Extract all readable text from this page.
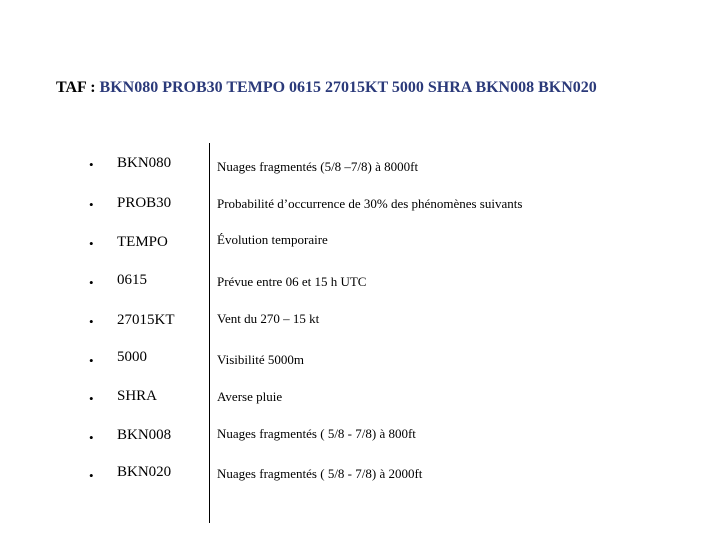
TAF : BKN080 PROB30 TEMPO 0615 27015KT 5000 SHRA BKN008 BKN020
• BKN080	Nuages fragmentés (5/8 –7/8) à 8000ft
• PROB30	Probabilité d’occurrence de 30% des phénomènes suivants
• TEMPO	Évolution temporaire
• 0615	Prévue entre 06 et 15 h UTC
• 27015KT	Vent du 270 – 15 kt
• 5000	Visibilité 5000m
• SHRA	Averse pluie
• BKN008	Nuages fragmentés ( 5/8 - 7/8) à 800ft
• BKN020	Nuages fragmentés ( 5/8 - 7/8) à 2000ft
